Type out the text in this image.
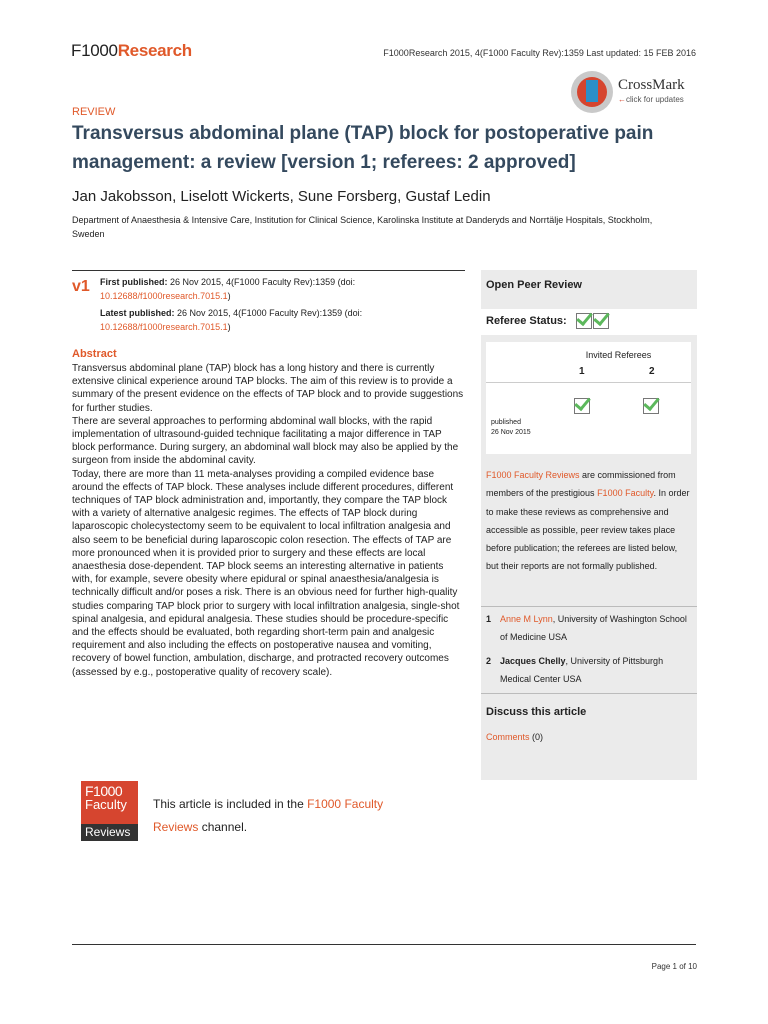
F1000Research	F1000Research 2015, 4(F1000 Faculty Rev):1359 Last updated: 15 FEB 2016
CrossMark
←click for updates
REVIEW
Transversus abdominal plane (TAP) block for postoperative pain management: a review [version 1; referees: 2 approved]
Jan Jakobsson, Liselott Wickerts, Sune Forsberg, Gustaf Ledin
Department of Anaesthesia & Intensive Care, Institution for Clinical Science, Karolinska Institute at Danderyds and Norrtälje Hospitals, Stockholm, Sweden
v1 First published: 26 Nov 2015, 4(F1000 Faculty Rev):1359 (doi:
10.12688/f1000research.7015.1)
Latest published: 26 Nov 2015, 4(F1000 Faculty Rev):1359 (doi:
10.12688/f1000research.7015.1)
Abstract

Transversus abdominal plane (TAP) block has a long history and there is currently extensive clinical experience around TAP blocks. The aim of this review is to provide a summary of the present evidence on the effects of TAP block and to provide suggestions for further studies.

There are several approaches to performing abdominal wall blocks, with the rapid implementation of ultrasound-guided technique facilitating a major difference in TAP block performance. During surgery, an abdominal wall block may also be applied by the surgeon from inside the abdominal cavity.

Today, there are more than 11 meta-analyses providing a compiled evidence base around the effects of TAP block. These analyses include different procedures, different techniques of TAP block administration and, importantly, they compare the TAP block with a variety of alternative analgesic regimes. The effects of TAP block during laparoscopic cholecystectomy seem to be equivalent to local infiltration analgesia and also seem to be beneficial during laparoscopic colon resection. The effects of TAP are more pronounced when it is provided prior to surgery and these effects are local anaesthesia dose-dependent. TAP block seems an interesting alternative in patients with, for example, severe obesity where epidural or spinal anaesthesia/analgesia is technically difficult and/or poses a risk. There is an obvious need for further high-quality studies comparing TAP block prior to surgery with local infiltration analgesia, single-shot spinal analgesia, and epidural analgesia. These studies should be procedure-specific and the effects should be evaluated, both regarding short-term pain and analgesic requirement and also including the effects on postoperative nausea and vomiting, recovery of bowel function, ambulation, discharge, and protracted recovery outcomes (assessed by e.g., postoperative quality of recovery scale).

F1000
Faculty
Reviews
This article is included in the F1000 Faculty Reviews channel.
Open Peer Review
Referee Status:
Invited Referees
1	2
published
26 Nov 2015
F1000 Faculty Reviews are commissioned from members of the prestigious F1000 Faculty. In order to make these reviews as comprehensive and accessible as possible, peer review takes place before publication; the referees are listed below, but their reports are not formally published.
1 Anne M Lynn, University of Washington School of Medicine USA
2 Jacques Chelly, University of Pittsburgh Medical Center USA
Discuss this article
Comments (0)
Page 1 of 10
